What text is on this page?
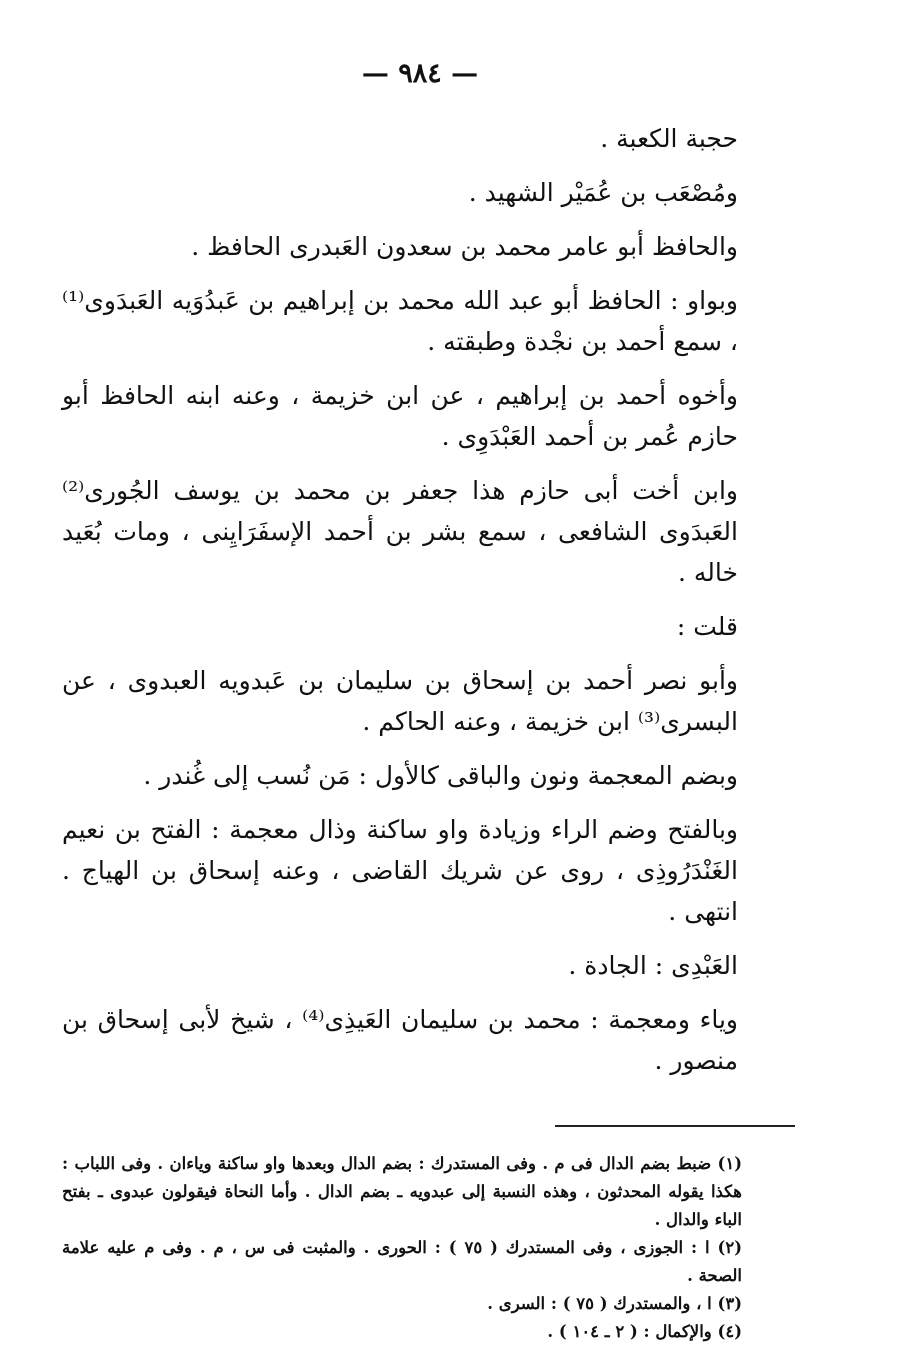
— ٩٨٤ —

حجبة الكعبة .

ومُصْعَب بن عُمَيْر الشهيد .

والحافظ أبو عامر محمد بن سعدون العَبدرى الحافظ .

وبواو : الحافظ أبو عبد الله محمد بن إبراهيم بن عَبدُوَيه العَبدَوى⁽¹⁾ ، سمع أحمد بن نجْدة وطبقته .

وأخوه أحمد بن إبراهيم ، عن ابن خزيمة ، وعنه ابنه الحافظ أبو حازم عُمر بن أحمد العَبْدَوِى .

وابن أخت أبى حازم هذا جعفر بن محمد بن يوسف الجُورى⁽²⁾ العَبدَوى الشافعى ، سمع بشر بن أحمد الإسفَرَايِنى ، ومات بُعَيد خاله .

قلت :

وأبو نصر أحمد بن إسحاق بن سليمان بن عَبدويه العبدوى ، عن البسرى⁽³⁾ ابن خزيمة ، وعنه الحاكم .

وبضم المعجمة ونون والباقى كالأول : مَن نُسب إلى غُندر .

وبالفتح وضم الراء وزيادة واو ساكنة وذال معجمة : الفتح بن نعيم الغَنْدَرُوذِى ، روى عن شريك القاضى ، وعنه إسحاق بن الهياج . انتهى .

العَبْدِى : الجادة .

وياء ومعجمة : محمد بن سليمان العَيذِى⁽⁴⁾ ، شيخ لأبى إسحاق بن منصور .

(١) ضبط بضم الدال فى م . وفى المستدرك : بضم الدال وبعدها واو ساكنة وياءان . وفى اللباب : هكذا يقوله المحدثون ، وهذه النسبة إلى عبدويه ـ بضم الدال . وأما النحاة فيقولون عبدوى ـ بفتح الباء والدال .

(٢) ا : الجوزى ، وفى المستدرك ( ٧٥ ) : الحورى . والمثبت فى س ، م . وفى م عليه علامة الصحة .

(٣) ا ، والمستدرك ( ٧٥ ) : السرى .

(٤) والإكمال : ( ٢ ـ ١٠٤ ) .
